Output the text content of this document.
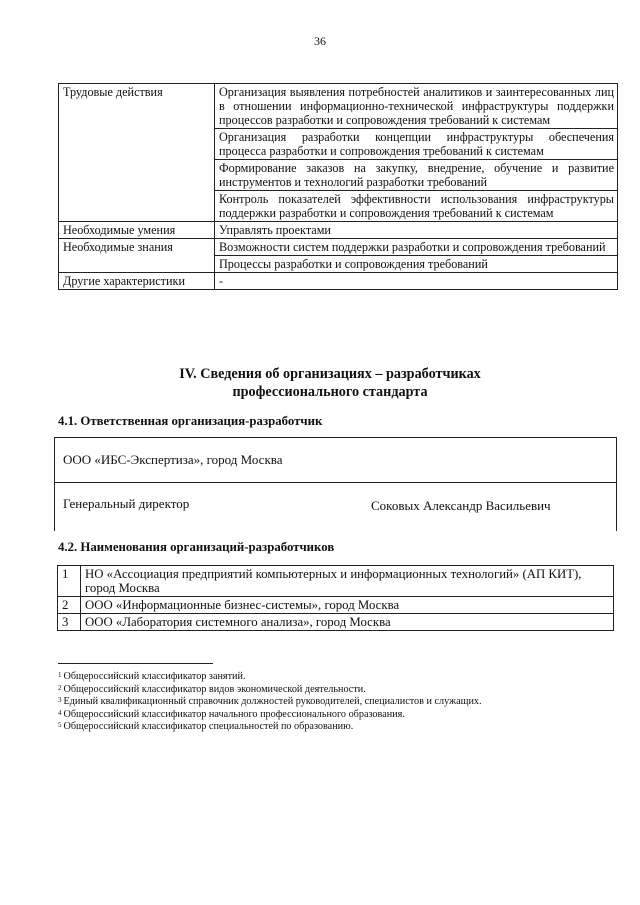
36
Трудовые действия	Организация выявления потребностей аналитиков и заинтересованных лиц в отношении информационно-технической инфраструктуры поддержки процессов разработки и сопровождения требований к системам
	Организация разработки концепции инфраструктуры обеспечения процесса разработки и сопровождения требований к системам
	Формирование заказов на закупку, внедрение, обучение и развитие инструментов и технологий разработки требований
	Контроль показателей эффективности использования инфраструктуры поддержки разработки и сопровождения требований к системам
Необходимые умения	Управлять проектами
Необходимые знания	Возможности систем поддержки разработки и сопровождения требований
	Процессы разработки и сопровождения требований
Другие характеристики	-
IV. Сведения об организациях – разработчиках
профессионального стандарта
4.1. Ответственная организация-разработчик
ООО «ИБС-Экспертиза», город Москва
Генеральный директор	Соковых Александр Васильевич
4.2. Наименования организаций-разработчиков
1	НО «Ассоциация предприятий компьютерных и информационных технологий» (АП КИТ), город Москва
2	ООО «Информационные бизнес-системы», город Москва
3	ООО «Лаборатория системного анализа», город Москва
$^1$ Общероссийский классификатор занятий.
$^2$ Общероссийский классификатор видов экономической деятельности.
$^3$ Единый квалификационный справочник должностей руководителей, специалистов и служащих.
$^4$ Общероссийский классификатор начального профессионального образования.
$^5$ Общероссийский классификатор специальностей по образованию.
